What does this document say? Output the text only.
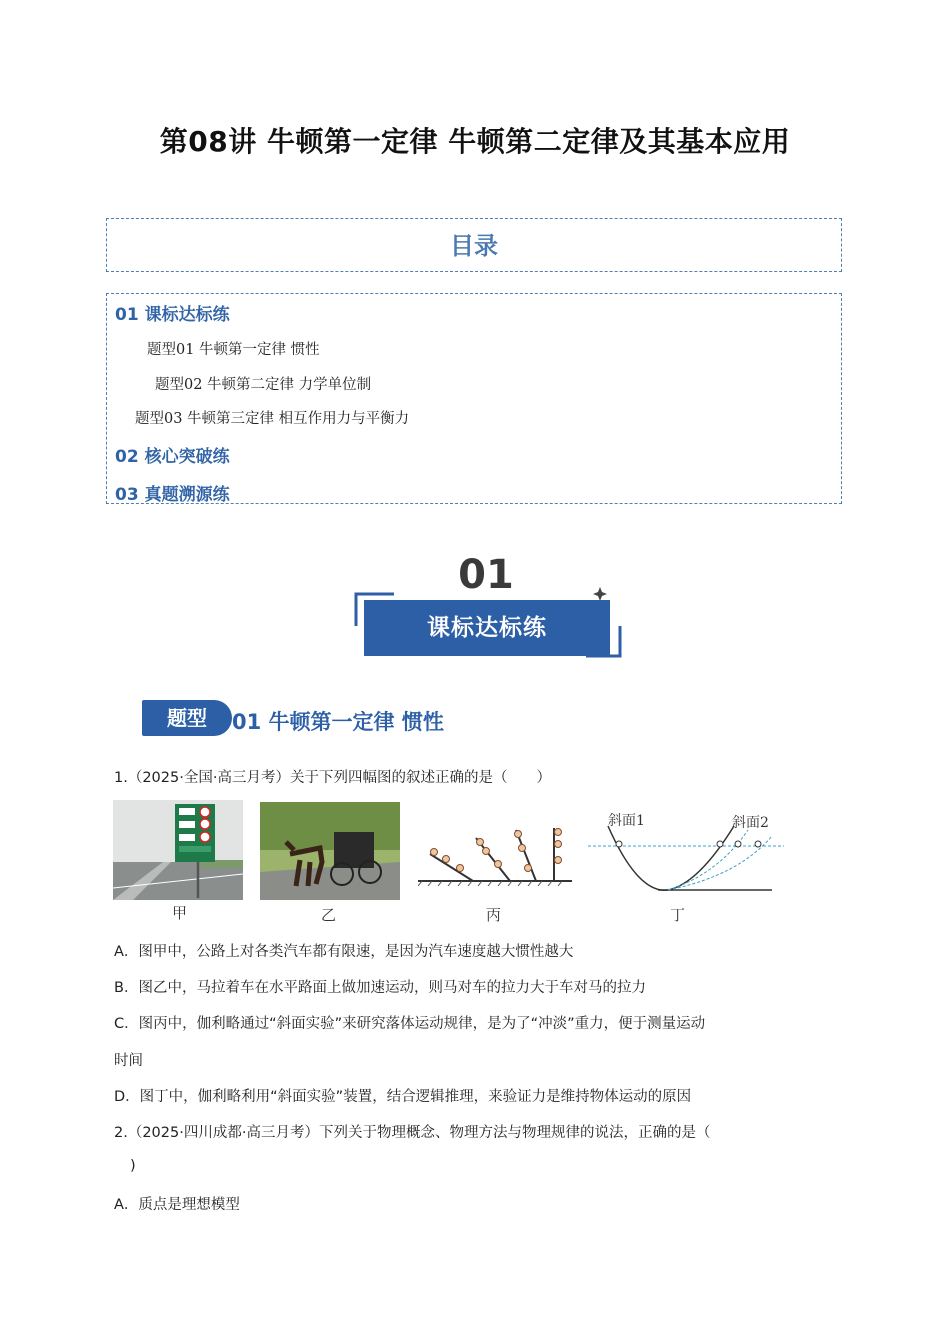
第08讲 牛顿第一定律 牛顿第二定律及其基本应用
目录
01 课标达标练
题型01 牛顿第一定律 惯性
题型02 牛顿第二定律 力学单位制
题型03 牛顿第三定律 相互作用力与平衡力
02 核心突破练
03 真题溯源练
01
课标达标练
题型	01 牛顿第一定律 惯性
1.（2025·全国·高三月考）关于下列四幅图的叙述正确的是（　　）
甲	乙	丙
斜面1	斜面2
丁
A．图甲中，公路上对各类汽车都有限速，是因为汽车速度越大惯性越大
B．图乙中，马拉着车在水平路面上做加速运动，则马对车的拉力大于车对马的拉力
C．图丙中，伽利略通过“斜面实验”来研究落体运动规律，是为了“冲淡”重力，便于测量运动
时间
D．图丁中，伽利略利用“斜面实验”装置，结合逻辑推理，来验证力是维持物体运动的原因
2.（2025·四川成都·高三月考）下列关于物理概念、物理方法与物理规律的说法，正确的是（
)
A．质点是理想模型
